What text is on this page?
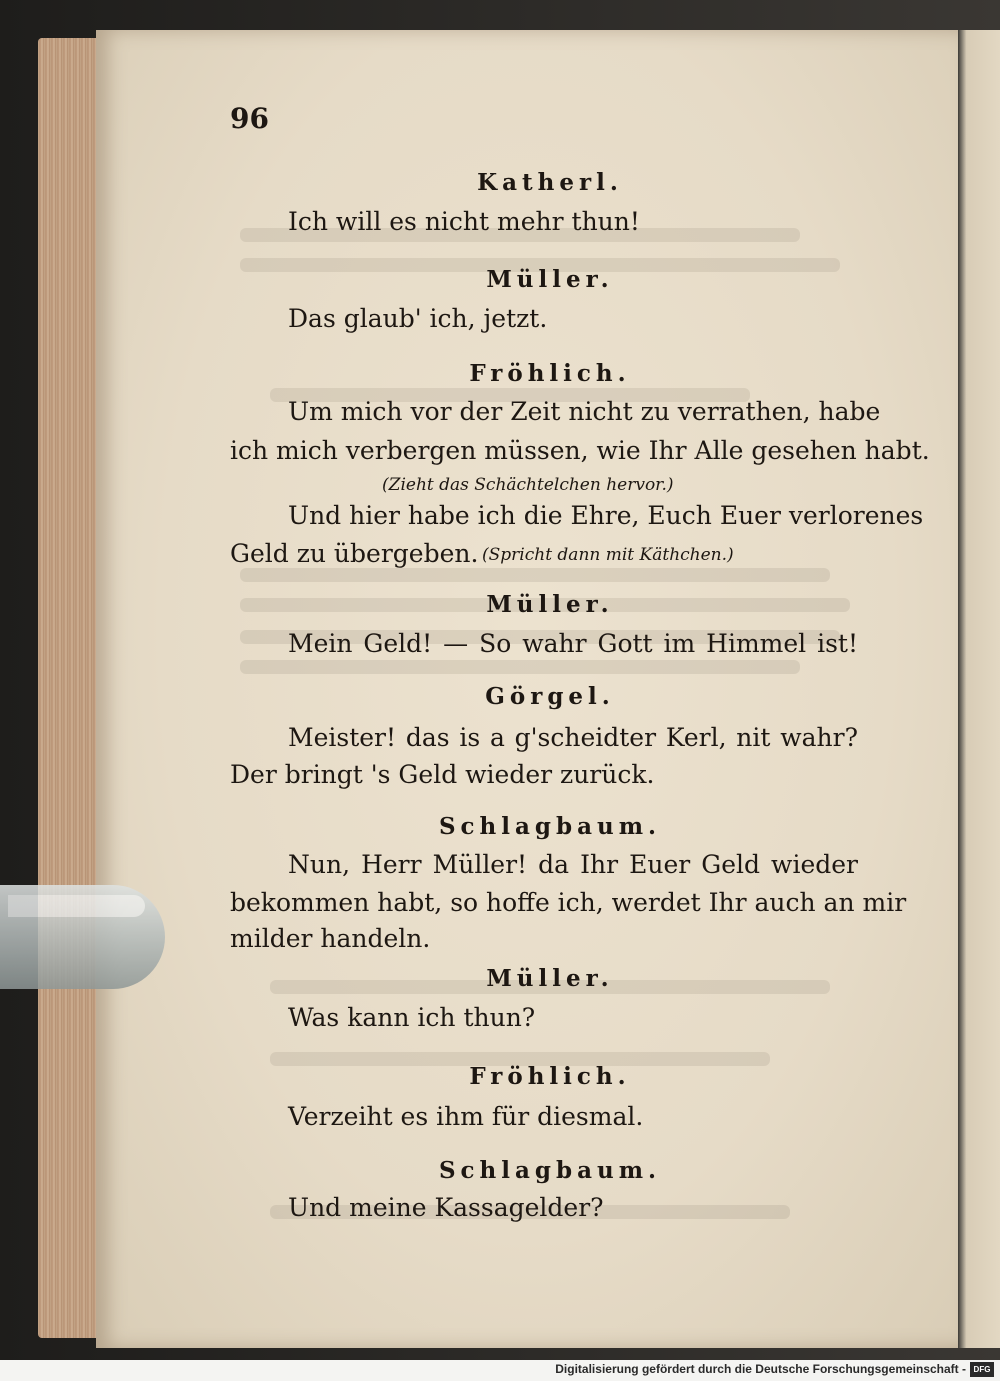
96
Katherl.
Ich will es nicht mehr thun!
Müller.
Das glaub' ich, jetzt.
Fröhlich.
Um mich vor der Zeit nicht zu verrathen, habe
ich mich verbergen müssen, wie Ihr Alle gesehen habt.
(Zieht das Schächtelchen hervor.)
Und hier habe ich die Ehre, Euch Euer verlorenes
Geld zu übergeben. (Spricht dann mit Käthchen.)
Müller.
Mein Geld! — So wahr Gott im Himmel ist!
Görgel.
Meister! das is a g'scheidter Kerl, nit wahr?
Der bringt 's Geld wieder zurück.
Schlagbaum.
Nun, Herr Müller! da Ihr Euer Geld wieder
bekommen habt, so hoffe ich, werdet Ihr auch an mir
milder handeln.
Müller.
Was kann ich thun?
Fröhlich.
Verzeiht es ihm für diesmal.
Schlagbaum.
Und meine Kassagelder?
Digitalisierung gefördert durch die Deutsche Forschungsgemeinschaft - DFG
